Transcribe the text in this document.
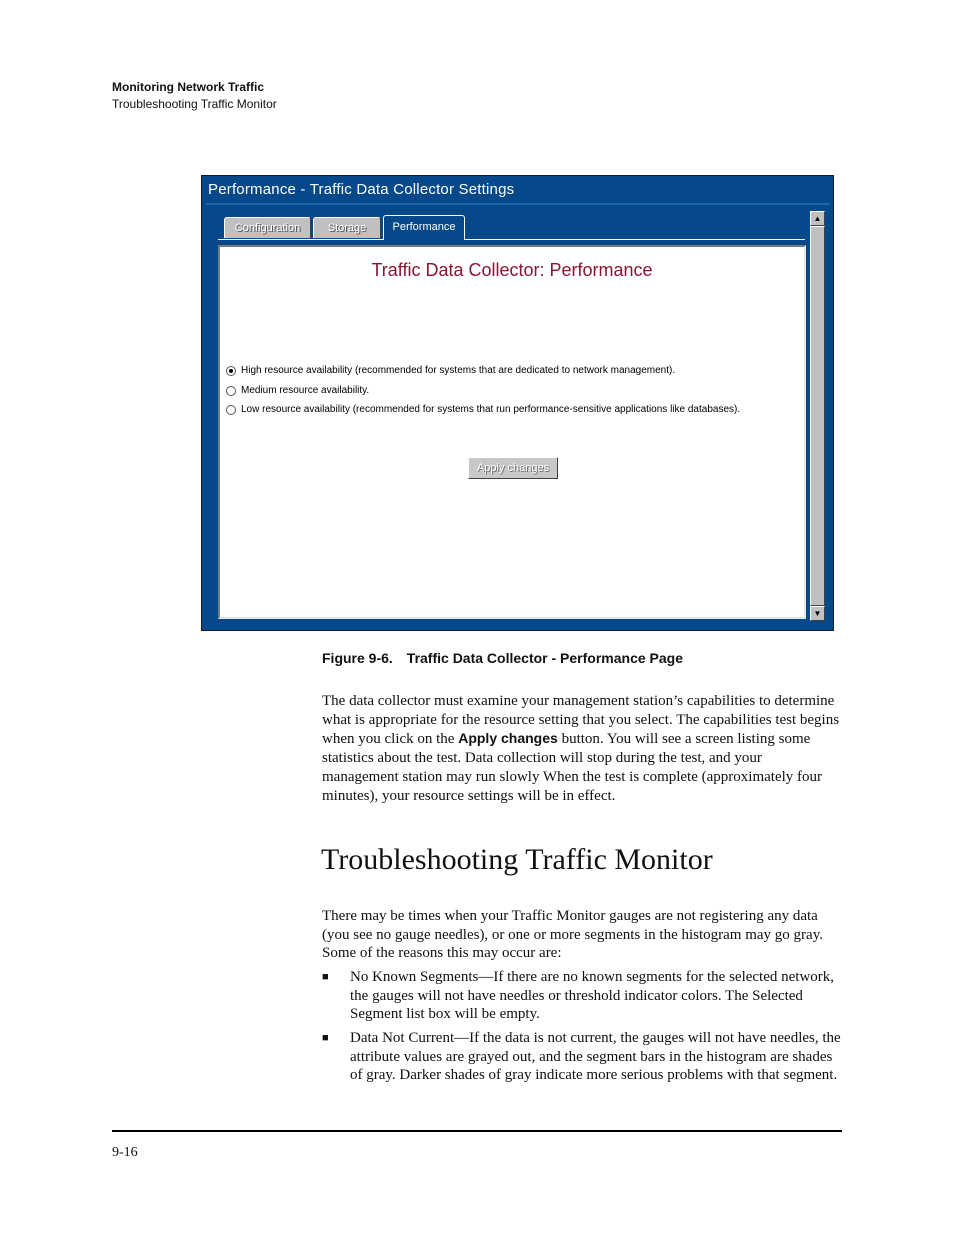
Monitoring Network Traffic
Troubleshooting Traffic Monitor
Performance - Traffic Data Collector Settings
Configuration	Storage	Performance
Traffic Data Collector: Performance
High resource availability (recommended for systems that are dedicated to network management).
Medium resource availability.
Low resource availability (recommended for systems that run performance-sensitive applications like databases).
Apply changes
▲
▼
Figure 9-6. Traffic Data Collector - Performance Page
The data collector must examine your management station’s capabilities to determine what is appropriate for the resource setting that you select. The capabilities test begins when you click on the Apply changes button. You will see a screen listing some statistics about the test. Data collection will stop during the test, and your management station may run slowly When the test is complete (approximately four minutes), your resource settings will be in effect.
Troubleshooting Traffic Monitor
There may be times when your Traffic Monitor gauges are not registering any data (you see no gauge needles), or one or more segments in the histogram may go gray. Some of the reasons this may occur are:
■ No Known Segments—If there are no known segments for the selected network, the gauges will not have needles or threshold indicator colors. The Selected Segment list box will be empty.
■ Data Not Current—If the data is not current, the gauges will not have needles, the attribute values are grayed out, and the segment bars in the histogram are shades of gray. Darker shades of gray indicate more serious problems with that segment.
9-16
